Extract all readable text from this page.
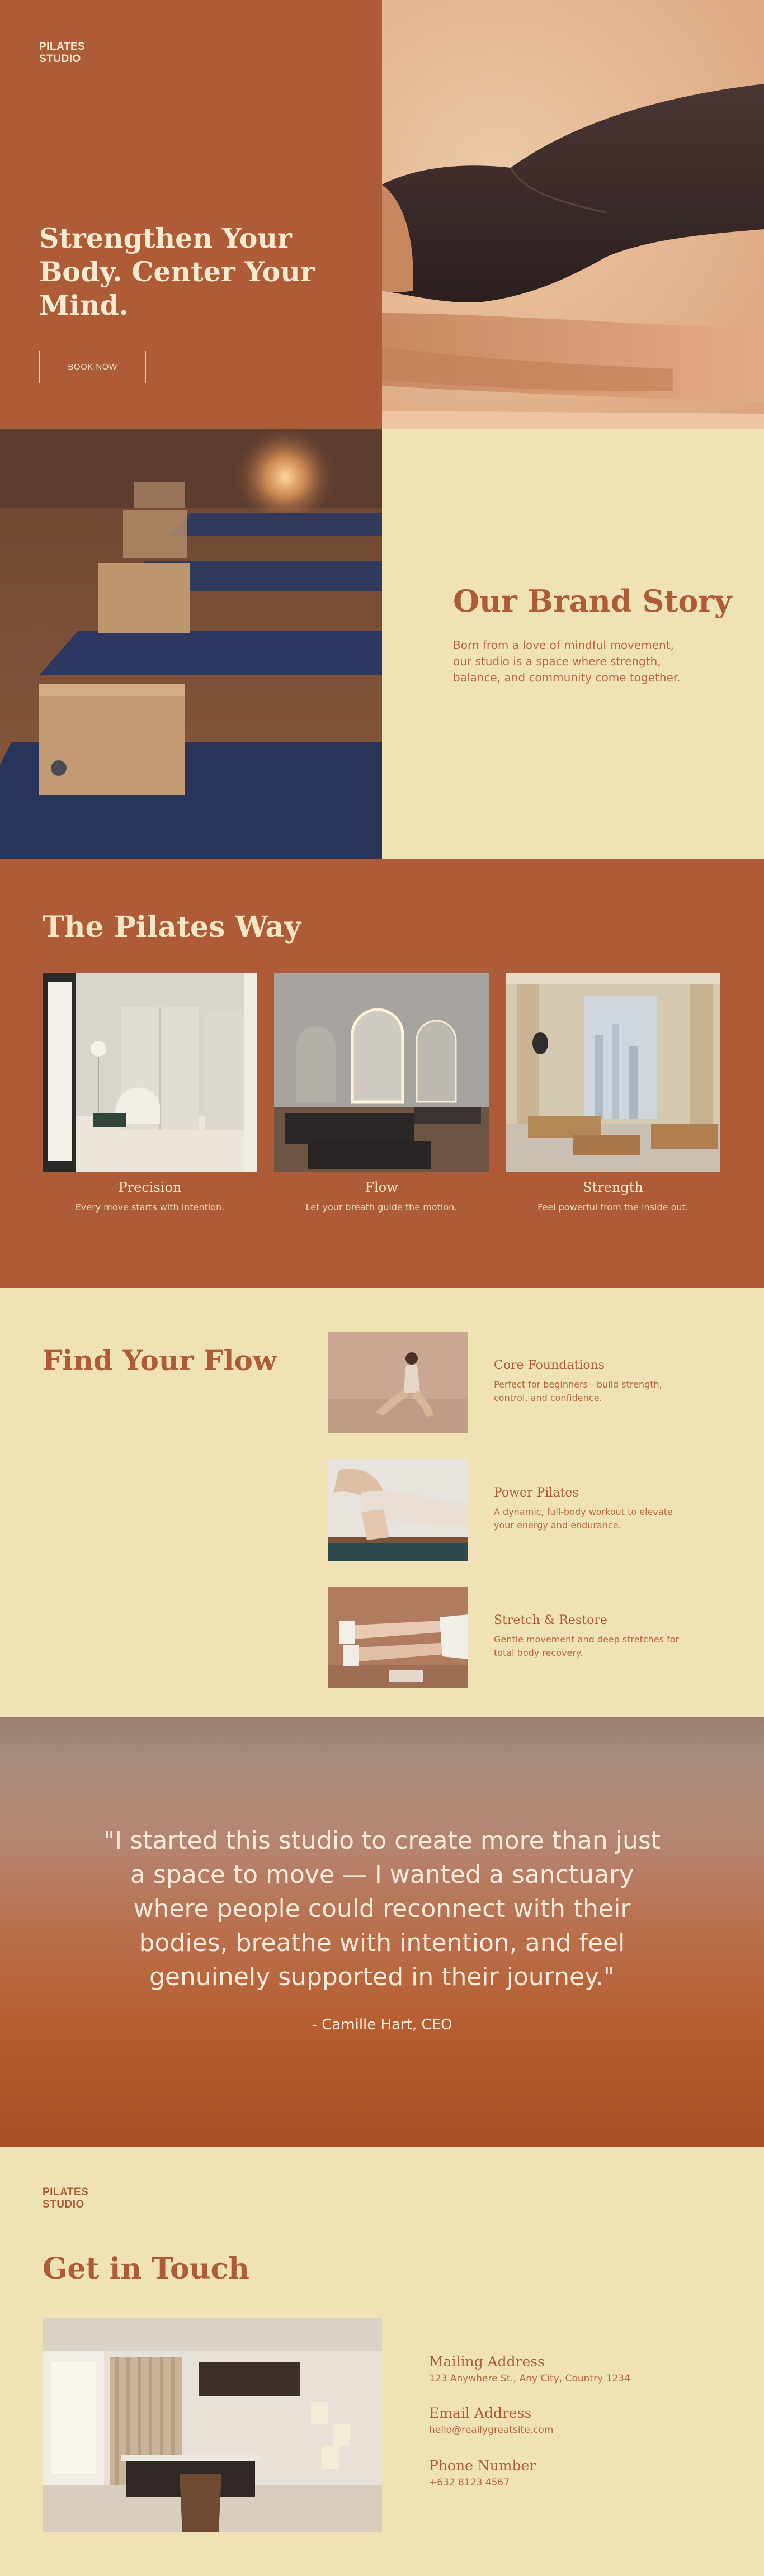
PILATES
STUDIO
Strengthen Your Body. Center Your Mind.
BOOK NOW
Our Brand Story

Born from a love of mindful movement, our studio is a space where strength, balance, and community come together.

The Pilates Way
Precision
Every move starts with intention.
Flow
Let your breath guide the motion.
Strength
Feel powerful from the inside out.
Find Your Flow	Core Foundations
Perfect for beginners—build strength, control, and confidence.
Power Pilates
A dynamic, full-body workout to elevate your energy and endurance.
Stretch & Restore
Gentle movement and deep stretches for total body recovery.

"I started this studio to create more than just a space to move — I wanted a sanctuary where people could reconnect with their bodies, breathe with intention, and feel genuinely supported in their journey."

- Camille Hart, CEO

PILATES
STUDIO
Get in Touch
Mailing Address
123 Anywhere St., Any City, Country 1234
Email Address
hello@reallygreatsite.com
Phone Number
+632 8123 4567
